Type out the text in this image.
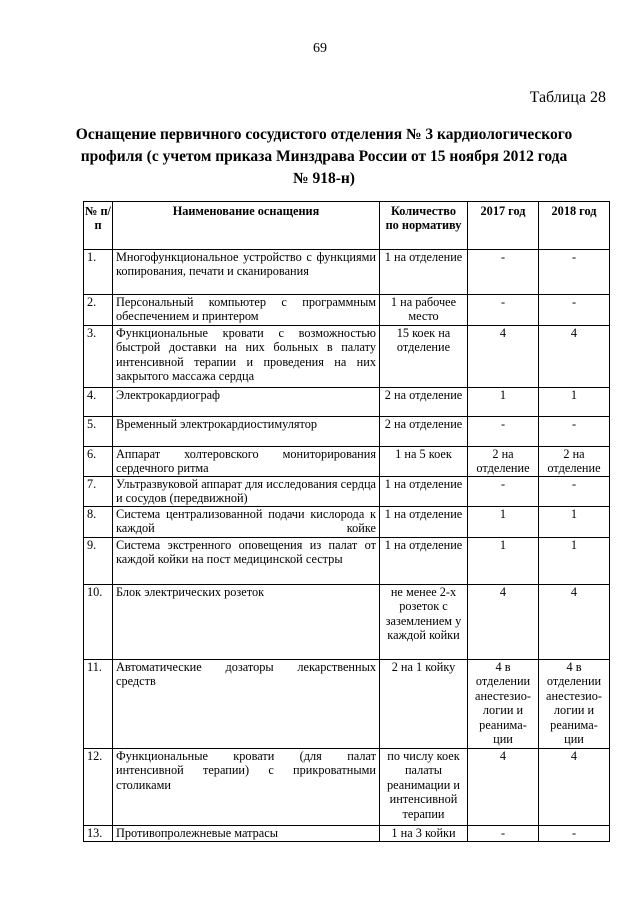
69
Таблица 28
Оснащение первичного сосудистого отделения № 3 кардиологического
профиля (с учетом приказа Минздрава России от 15 ноября 2012 года
№ 918-н)
№ п/п	Наименование оснащения	Количество по нормативу	2017 год	2018 год
1.	Многофункциональное устройство с функциями копирования, печати и сканирования	1 на отделение	-	-
2.	Персональный компьютер с программным обеспечением и принтером	1 на рабочее место	-	-
3.	Функциональные кровати с возможностью быстрой доставки на них больных в палату интенсивной терапии и проведения на них закрытого массажа сердца	15 коек на отделение	4	4
4.	Электрокардиограф	2 на отделение	1	1
5.	Временный электрокардиостимулятор	2 на отделение	-	-
6.	Аппарат холтеровского мониторирования сердечного ритма	1 на 5 коек	2 на отделение	2 на отделение
7.	Ультразвуковой аппарат для исследования сердца и сосудов (передвижной)	1 на отделение	-	-
8.	Система централизованной подачи кислорода к каждой койке	1 на отделение	1	1
9.	Система экстренного оповещения из палат от каждой койки на пост медицинской сестры	1 на отделение	1	1
10.	Блок электрических розеток	не менее 2-х розеток с заземлением у каждой койки	4	4
11.	Автоматические дозаторы лекарственных средств	2 на 1 койку	4 в отделении анестезио-логии и реанима-ции	4 в отделении анестезио-логии и реанима-ции
12.	Функциональные кровати (для палат интенсивной терапии) с прикроватными столиками	по числу коек палаты реанимации и интенсивной терапии	4	4
13.	Противопролежневые матрасы	1 на 3 койки	-	-
